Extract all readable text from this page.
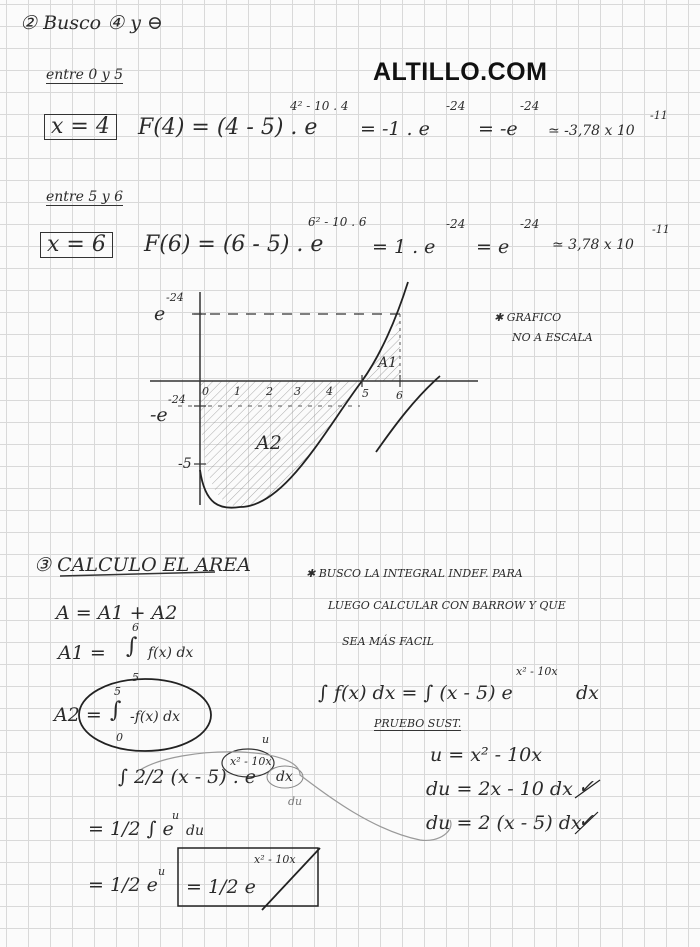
② Busco ④ y ⊖
ALTILLO.COM
entre 0 y 5
x = 4	F(4) = (4 - 5) . e
4² - 10 . 4
= -1 . e
-24
= -e
-24
≃ -3,78 x 10
-11
entre 5 y 6
x = 6	F(6) = (6 - 5) . e
6² - 10 . 6
= 1 . e
-24
= e
-24
≃ 3,78 x 10
-11
e
-24
-e
-24
-5
0 1 2 3 4	5 6
A1
A2
✱ GRAFICO
NO A ESCALA
③ CALCULO EL AREA
A = A1 + A2
A1 =
6
∫
5
f(x) dx
A2 =
5
∫
0
-f(x) dx
∫ 2/2 (x - 5) . e
x² - 10x
u
dx
du
= 1/2 ∫ e
u
du
= 1/2 e
u
= 1/2 e
x² - 10x
✱ BUSCO LA INTEGRAL INDEF. PARA
LUEGO CALCULAR CON BARROW Y QUE
SEA MÁS FACIL
∫ f(x) dx = ∫ (x - 5) e
x² - 10x
dx
PRUEBO SUST.
u = x² - 10x
du = 2x - 10 dx
du = 2 (x - 5) dx
✓
✓
